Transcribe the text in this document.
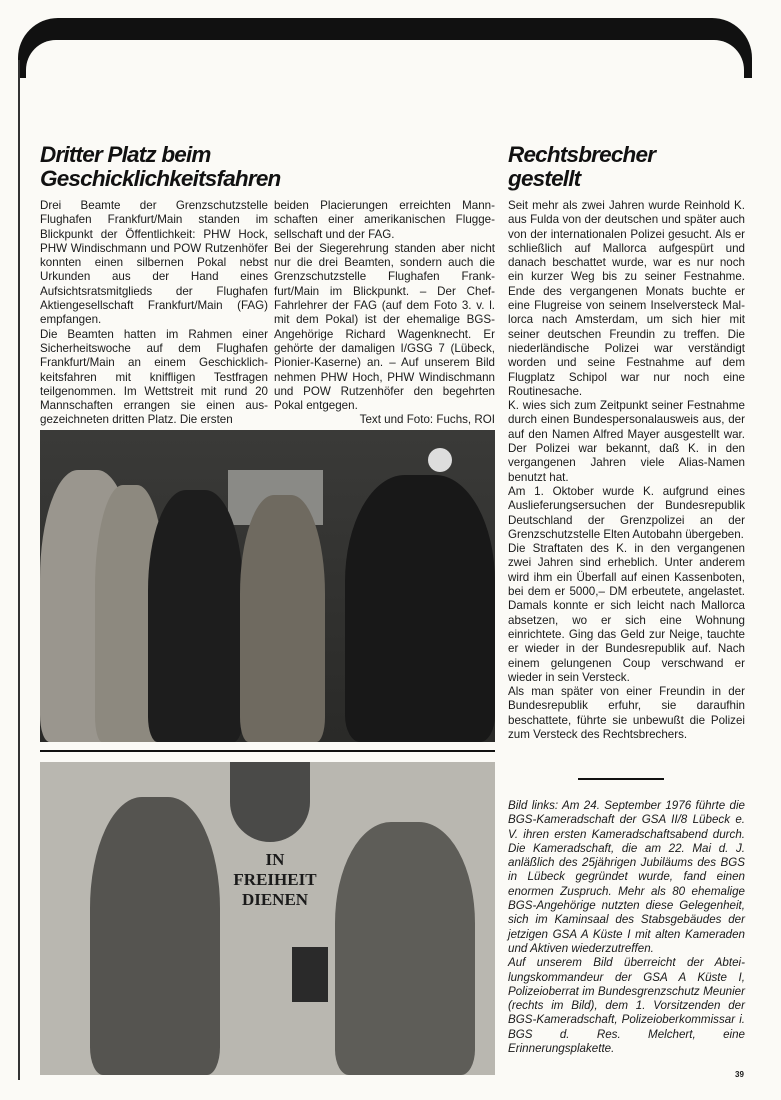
Dritter Platz beim
Geschicklichkeitsfahren

Drei Beamte der Grenzschutzstelle Flughafen Frankfurt/Main standen im Blickpunkt der Öffentlichkeit: PHW Hock, PHW Windischmann und POW Rutzenhöfer konnten einen silbernen Pokal nebst Urkunden aus der Hand eines Aufsichtsratsmitglieds der Flughafen Aktiengesellschaft Frankfurt/Main (FAG) empfangen.

Die Beamten hatten im Rahmen einer Sicherheitswoche auf dem Flughafen Frankfurt/Main an einem Geschicklichkeitsfahren mit kniffligen Testfragen teilgenommen. Im Wettstreit mit rund 20 Mannschaften errangen sie einen ausgezeichneten dritten Platz. Die ersten

beiden Placierungen erreichten Mannschaften einer amerikanischen Fluggesellschaft und der FAG.

Bei der Siegerehrung standen aber nicht nur die drei Beamten, sondern auch die Grenzschutzstelle Flughafen Frankfurt/Main im Blickpunkt. – Der Chef-Fahrlehrer der FAG (auf dem Foto 3. v. l. mit dem Pokal) ist der ehemalige BGS-Angehörige Richard Wagenknecht. Er gehörte der damaligen I/GSG 7 (Lübeck, Pionier-Kaserne) an. – Auf unserem Bild nehmen PHW Hoch, PHW Windischmann und POW Rutzenhöfer den begehrten Pokal entgegen.

Text und Foto: Fuchs, ROI

IN
FREIHEIT
DIENEN
Rechtsbrecher
gestellt

Seit mehr als zwei Jahren wurde Reinhold K. aus Fulda von der deutschen und später auch von der internationalen Polizei gesucht. Als er schließlich auf Mallorca aufgespürt und danach beschattet wurde, war es nur noch ein kurzer Weg bis zu seiner Festnahme. Ende des vergangenen Monats buchte er eine Flugreise von seinem Inselversteck Mallorca nach Amsterdam, um sich hier mit seiner deutschen Freundin zu treffen. Die niederländische Polizei war verständigt worden und seine Festnahme auf dem Flugplatz Schipol war nur noch eine Routinesache.

K. wies sich zum Zeitpunkt seiner Festnahme durch einen Bundespersonalausweis aus, der auf den Namen Alfred Mayer ausgestellt war. Der Polizei war bekannt, daß K. in den vergangenen Jahren viele Alias-Namen benutzt hat.

Am 1. Oktober wurde K. aufgrund eines Auslieferungsersuchen der Bundesrepublik Deutschland der Grenzpolizei an der Grenzschutzstelle Elten Autobahn übergeben.

Die Straftaten des K. in den vergangenen zwei Jahren sind erheblich. Unter anderem wird ihm ein Überfall auf einen Kassenboten, bei dem er 5000,– DM erbeutete, angelastet. Damals konnte er sich leicht nach Mallorca absetzen, wo er sich eine Wohnung einrichtete. Ging das Geld zur Neige, tauchte er wieder in der Bundesrepublik auf. Nach einem gelungenen Coup verschwand er wieder in sein Versteck.

Als man später von einer Freundin in der Bundesrepublik erfuhr, sie daraufhin beschattete, führte sie unbewußt die Polizei zum Versteck des Rechtsbrechers.

Bild links: Am 24. September 1976 führte die BGS-Kameradschaft der GSA II/8 Lübeck e. V. ihren ersten Kameradschaftsabend durch. Die Kameradschaft, die am 22. Mai d. J. anläßlich des 25jährigen Jubiläums des BGS in Lübeck gegründet wurde, fand einen enormen Zuspruch. Mehr als 80 ehemalige BGS-Angehörige nutzten diese Gelegenheit, sich im Kaminsaal des Stabsgebäudes der jetzigen GSA A Küste I mit alten Kameraden und Aktiven wiederzutreffen.

Auf unserem Bild überreicht der Abteilungskommandeur der GSA A Küste I, Polizeioberrat im Bundesgrenzschutz Meunier (rechts im Bild), dem 1. Vorsitzenden der BGS-Kameradschaft, Polizeioberkommissar i. BGS d. Res. Melchert, eine Erinnerungsplakette.

39
